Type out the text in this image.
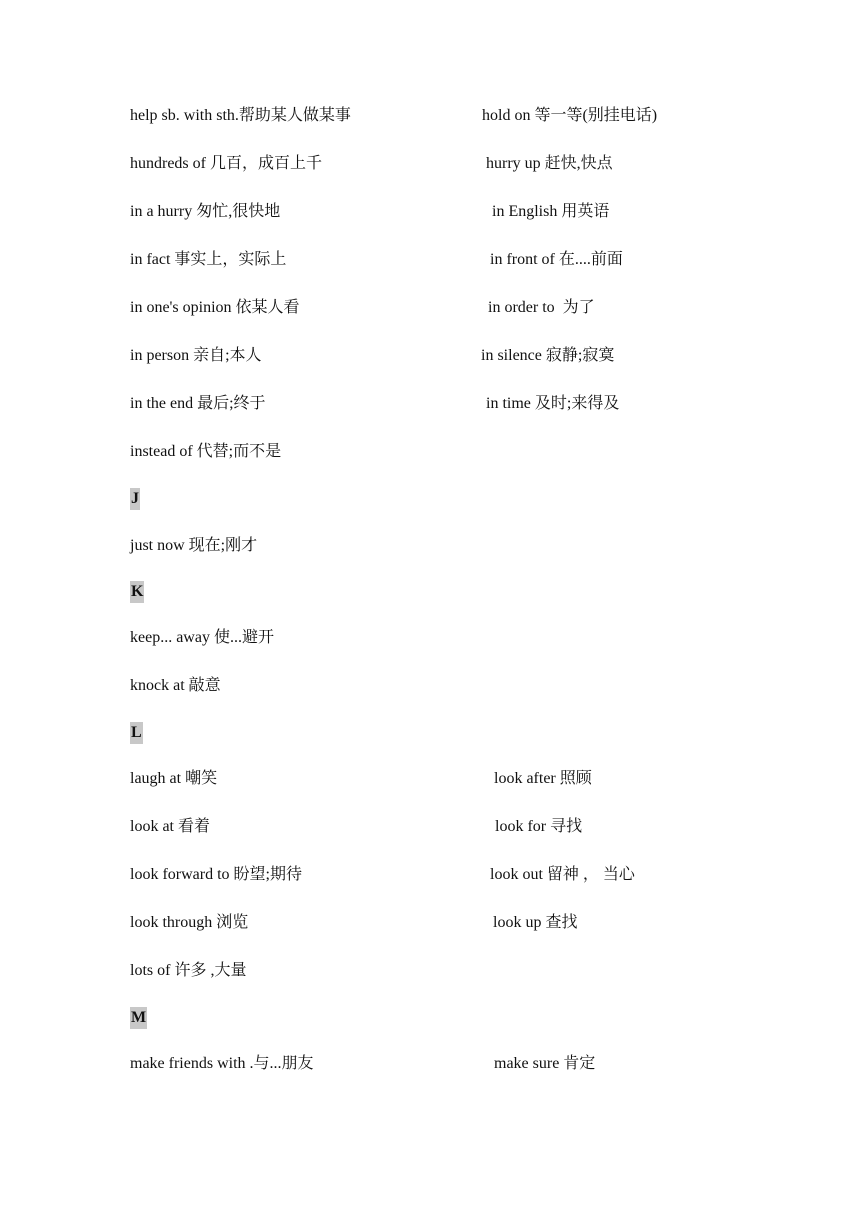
help sb. with sth.帮助某人做某事	hold on 等一等(别挂电话)
hundreds of 几百，成百上千	hurry up 赶快,快点
in a hurry 匆忙,很快地	in English 用英语
in fact 事实上，实际上	in front of 在....前面
in one's opinion 依某人看	in order to  为了
in person 亲自;本人	in silence 寂静;寂寞
in the end 最后;终于	in time 及时;来得及
instead of 代替;而不是
J
just now 现在;刚才
K
keep... away 使...避开
knock at 敲意
L
laugh at 嘲笑	look after 照顾
look at 看着	look for 寻找
look forward to 盼望;期待	look out 留神 ， 当心
look through 浏览	look up 查找
lots of 许多 ,大量
M
make friends with .与...朋友	make sure 肯定
